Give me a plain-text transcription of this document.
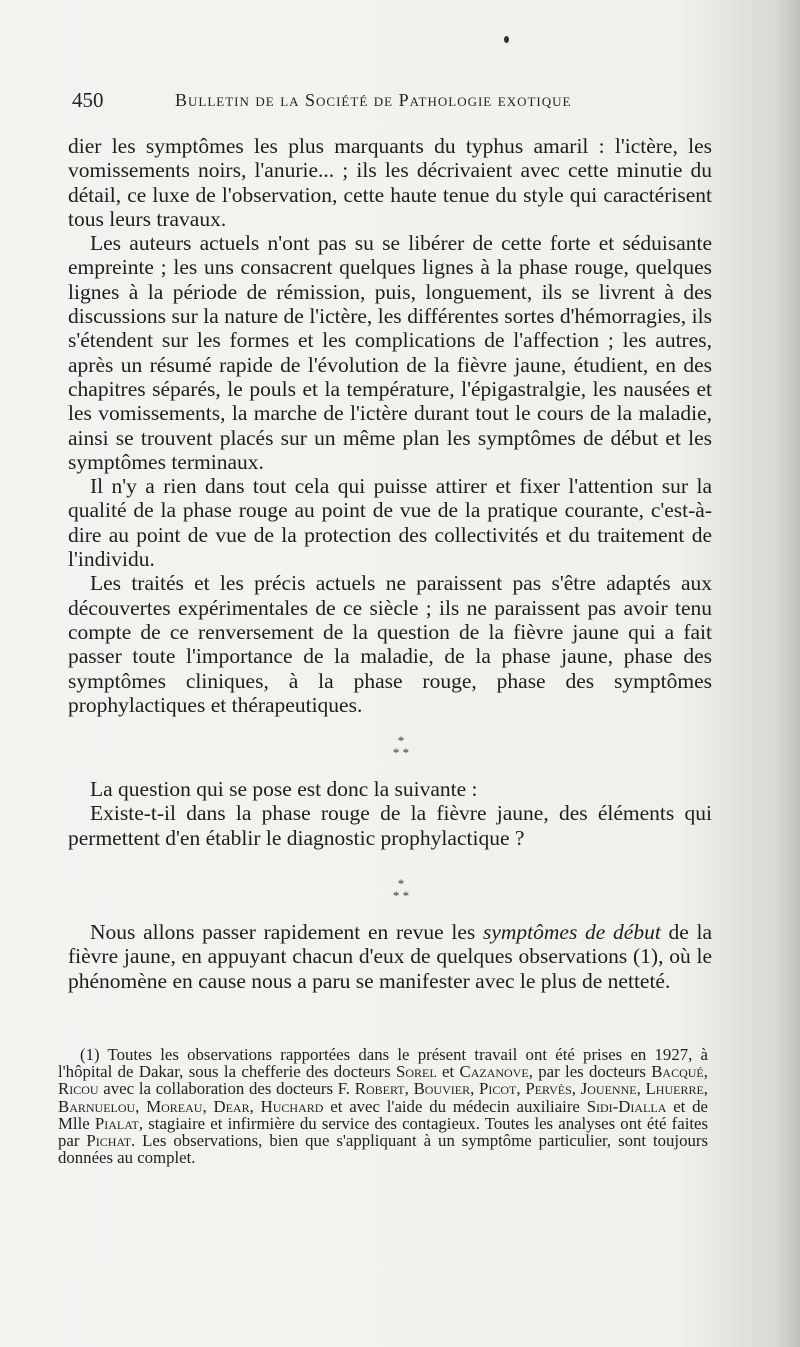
450	Bulletin de la Société de Pathologie exotique

dier les symptômes les plus marquants du typhus amaril : l'ictère, les vomissements noirs, l'anurie... ; ils les décrivaient avec cette minutie du détail, ce luxe de l'observation, cette haute tenue du style qui caractérisent tous leurs travaux.

Les auteurs actuels n'ont pas su se libérer de cette forte et séduisante empreinte ; les uns consacrent quelques lignes à la phase rouge, quelques lignes à la période de rémission, puis, longuement, ils se livrent à des discussions sur la nature de l'ictère, les différentes sortes d'hémorragies, ils s'étendent sur les formes et les complications de l'affection ; les autres, après un résumé rapide de l'évolution de la fièvre jaune, étudient, en des chapitres séparés, le pouls et la température, l'épigastralgie, les nausées et les vomissements, la marche de l'ictère durant tout le cours de la maladie, ainsi se trouvent placés sur un même plan les symptômes de début et les symptômes terminaux.

Il n'y a rien dans tout cela qui puisse attirer et fixer l'attention sur la qualité de la phase rouge au point de vue de la pratique courante, c'est-à-dire au point de vue de la protection des collectivités et du traitement de l'individu.

Les traités et les précis actuels ne paraissent pas s'être adaptés aux découvertes expérimentales de ce siècle ; ils ne paraissent pas avoir tenu compte de ce renversement de la question de la fièvre jaune qui a fait passer toute l'importance de la maladie, de la phase jaune, phase des symptômes cliniques, à la phase rouge, phase des symptômes prophylactiques et thérapeutiques.

*

* *

La question qui se pose est donc la suivante :

Existe-t-il dans la phase rouge de la fièvre jaune, des éléments qui permettent d'en établir le diagnostic prophylactique ?

*

* *

Nous allons passer rapidement en revue les symptômes de début de la fièvre jaune, en appuyant chacun d'eux de quelques observations (1), où le phénomène en cause nous a paru se manifester avec le plus de netteté.

(1) Toutes les observations rapportées dans le présent travail ont été prises en 1927, à l'hôpital de Dakar, sous la chefferie des docteurs Sorel et Cazanove, par les docteurs Bacqué, Ricou avec la collaboration des docteurs F. Robert, Bouvier, Picot, Pervès, Jouenne, Lhuerre, Barnuelou, Moreau, Dear, Huchard et avec l'aide du médecin auxiliaire Sidi-Dialla et de Mlle Pialat, stagiaire et infirmière du service des contagieux. Toutes les analyses ont été faites par Pichat. Les observations, bien que s'appliquant à un symptôme particulier, sont toujours données au complet.
